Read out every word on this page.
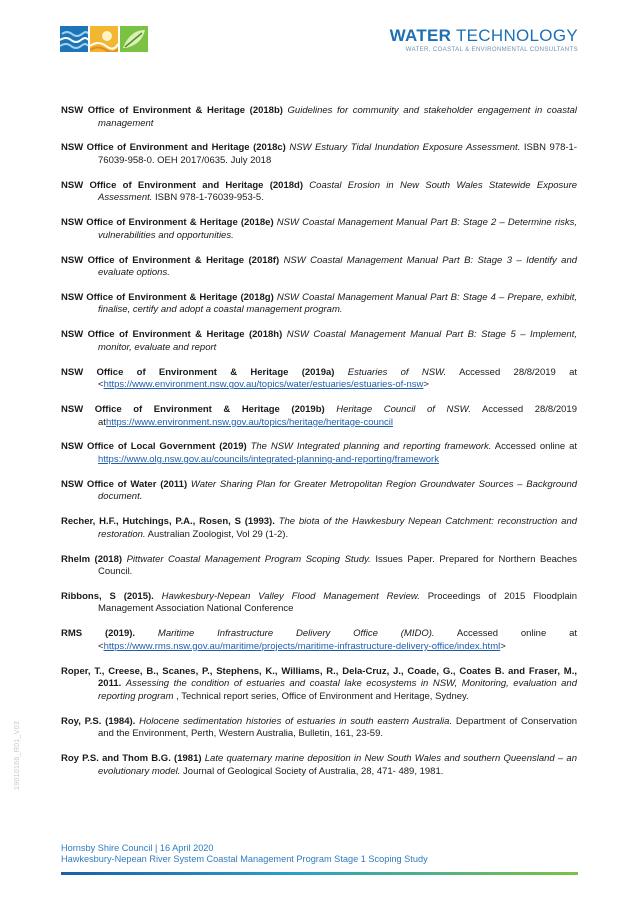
WATER TECHNOLOGY
WATER, COASTAL & ENVIRONMENTAL CONSULTANTS

NSW Office of Environment & Heritage (2018b) Guidelines for community and stakeholder engagement in coastal management

NSW Office of Environment and Heritage (2018c) NSW Estuary Tidal Inundation Exposure Assessment. ISBN 978-1-76039-958-0. OEH 2017/0635. July 2018

NSW Office of Environment and Heritage (2018d) Coastal Erosion in New South Wales Statewide Exposure Assessment. ISBN 978-1-76039-953-5.

NSW Office of Environment & Heritage (2018e) NSW Coastal Management Manual Part B: Stage 2 – Determine risks, vulnerabilities and opportunities.

NSW Office of Environment & Heritage (2018f) NSW Coastal Management Manual Part B: Stage 3 – Identify and evaluate options.

NSW Office of Environment & Heritage (2018g) NSW Coastal Management Manual Part B: Stage 4 – Prepare, exhibit, finalise, certify and adopt a coastal management program.

NSW Office of Environment & Heritage (2018h) NSW Coastal Management Manual Part B: Stage 5 – Implement, monitor, evaluate and report

NSW Office of Environment & Heritage (2019a) Estuaries of NSW. Accessed 28/8/2019 at <https://www.environment.nsw.gov.au/topics/water/estuaries/estuaries-of-nsw>

NSW Office of Environment & Heritage (2019b) Heritage Council of NSW. Accessed 28/8/2019 athttps://www.environment.nsw.gov.au/topics/heritage/heritage-council

NSW Office of Local Government (2019) The NSW Integrated planning and reporting framework. Accessed online at https://www.olg.nsw.gov.au/councils/integrated-planning-and-reporting/framework

NSW Office of Water (2011) Water Sharing Plan for Greater Metropolitan Region Groundwater Sources – Background document.

Recher, H.F., Hutchings, P.A., Rosen, S (1993). The biota of the Hawkesbury Nepean Catchment: reconstruction and restoration. Australian Zoologist, Vol 29 (1-2).

Rhelm (2018) Pittwater Coastal Management Program Scoping Study. Issues Paper. Prepared for Northern Beaches Council.

Ribbons, S (2015). Hawkesbury-Nepean Valley Flood Management Review. Proceedings of 2015 Floodplain Management Association National Conference

RMS (2019). Maritime Infrastructure Delivery Office (MIDO). Accessed online at <https://www.rms.nsw.gov.au/maritime/projects/maritime-infrastructure-delivery-office/index.html>

Roper, T., Creese, B., Scanes, P., Stephens, K., Williams, R., Dela-Cruz, J., Coade, G., Coates B. and Fraser, M., 2011. Assessing the condition of estuaries and coastal lake ecosystems in NSW, Monitoring, evaluation and reporting program , Technical report series, Office of Environment and Heritage, Sydney.

Roy, P.S. (1984). Holocene sedimentation histories of estuaries in south eastern Australia. Department of Conservation and the Environment, Perth, Western Australia, Bulletin, 161, 23-59.

Roy P.S. and Thom B.G. (1981) Late quaternary marine deposition in New South Wales and southern Queensland – an evolutionary model. Journal of Geological Society of Australia, 28, 471- 489, 1981.

19010166_R01_V03
Hornsby Shire Council | 16 April 2020
Hawkesbury-Nepean River System Coastal Management Program Stage 1 Scoping Study
